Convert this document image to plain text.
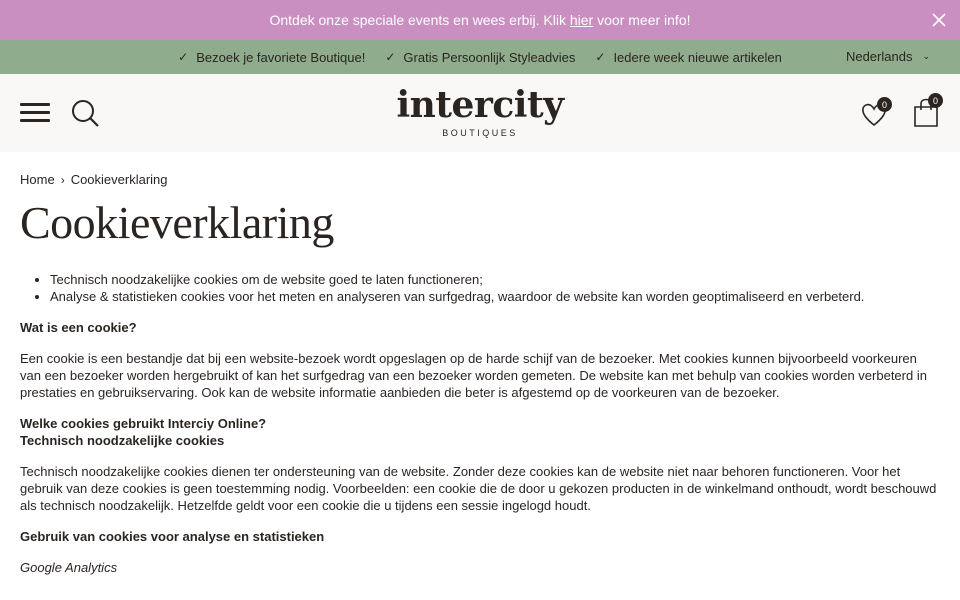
Ontdek onze speciale events en wees erbij. Klik hier voor meer info!
✓ Bezoek je favoriete Boutique! ✓ Gratis Persoonlijk Styleadvies ✓ Iedere week nieuwe artikelen	Nederlands ⌄
intercity
BOUTIQUES
0	0
Home › Cookieverklaring
Cookieverklaring
• Technisch noodzakelijke cookies om de website goed te laten functioneren;
• Analyse & statistieken cookies voor het meten en analyseren van surfgedrag, waardoor de website kan worden geoptimaliseerd en verbeterd.

Wat is een cookie?

Een cookie is een bestandje dat bij een website-bezoek wordt opgeslagen op de harde schijf van de bezoeker. Met cookies kunnen bijvoorbeeld voorkeuren van een bezoeker worden hergebruikt of kan het surfgedrag van een bezoeker worden gemeten. De website kan met behulp van cookies worden verbeterd in prestaties en gebruikservaring. Ook kan de website informatie aanbieden die beter is afgestemd op de voorkeuren van de bezoeker.

Welke cookies gebruikt Interciy Online?

Technisch noodzakelijke cookies

Technisch noodzakelijke cookies dienen ter ondersteuning van de website. Zonder deze cookies kan de website niet naar behoren functioneren. Voor het gebruik van deze cookies is geen toestemming nodig. Voorbeelden: een cookie die de door u gekozen producten in de winkelmand onthoudt, wordt beschouwd als technisch noodzakelijk. Hetzelfde geldt voor een cookie die u tijdens een sessie ingelogd houdt.

Gebruik van cookies voor analyse en statistieken

Google Analytics
